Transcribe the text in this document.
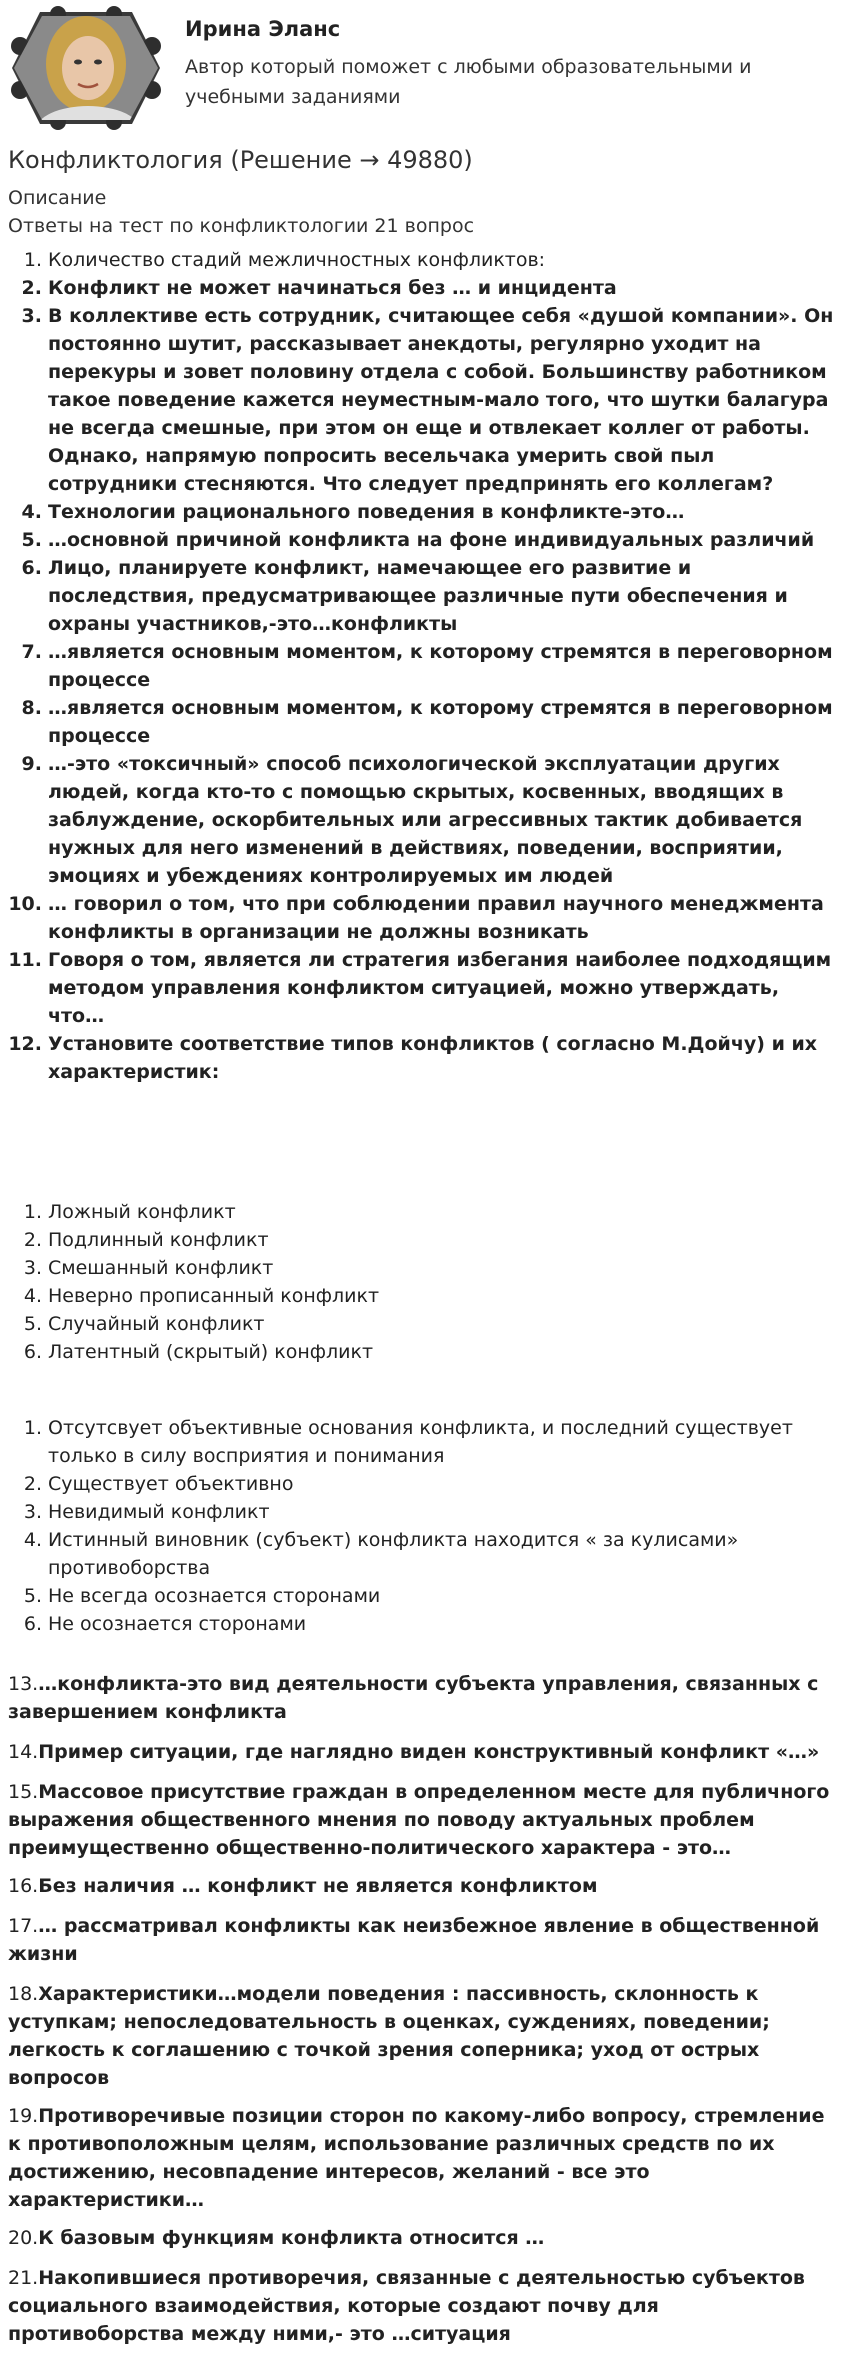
Ирина Эланс
Автор который поможет с любыми образовательными и учебными заданиями
Конфликтология (Решение → 49880)
Описание
Ответы на тест по конфликтологии 21 вопрос
1. Количество стадий межличностных конфликтов:
2. Конфликт не может начинаться без … и инцидента
3. В коллективе есть сотрудник, считающее себя «душой компании». Он постоянно шутит, рассказывает анекдоты, регулярно уходит на перекуры и зовет половину отдела с собой. Большинству работником такое поведение кажется неуместным-мало того, что шутки балагура не всегда смешные, при этом он еще и отвлекает коллег от работы. Однако, напрямую попросить весельчака умерить свой пыл сотрудники стесняются. Что следует предпринять его коллегам?
4. Технологии рационального поведения в конфликте-это…
5. …основной причиной конфликта на фоне индивидуальных различий
6. Лицо, планируете конфликт, намечающее его развитие и последствия, предусматривающее различные пути обеспечения и охраны участников,-это…конфликты
7. …является основным моментом, к которому стремятся в переговорном процессе
8. …является основным моментом, к которому стремятся в переговорном процессе
9. …-это «токсичный» способ психологической эксплуатации других людей, когда кто-то с помощью скрытых, косвенных, вводящих в заблуждение, оскорбительных или агрессивных тактик добивается нужных для него изменений в действиях, поведении, восприятии, эмоциях и убеждениях контролируемых им людей
10. … говорил о том, что при соблюдении правил научного менеджмента конфликты в организации не должны возникать
11. Говоря о том, является ли стратегия избегания наиболее подходящим методом управления конфликтом ситуацией, можно утверждать, что…
12. Установите соответствие типов конфликтов ( согласно М.Дойчу) и их характеристик:
1. Ложный конфликт
2. Подлинный конфликт
3. Смешанный конфликт
4. Неверно прописанный конфликт
5. Случайный конфликт
6. Латентный (скрытый) конфликт
1. Отсутсвует объективные основания конфликта, и последний существует только в силу восприятия и понимания
2. Существует объективно
3. Невидимый конфликт
4. Истинный виновник (субъект) конфликта находится « за кулисами» противоборства
5. Не всегда осознается сторонами
6. Не осознается сторонами
13.…конфликта-это вид деятельности субъекта управления, связанных с завершением конфликта
14.Пример ситуации, где наглядно виден конструктивный конфликт «…»
15.Массовое присутствие граждан в определенном месте для публичного выражения общественного мнения по поводу актуальных проблем преимущественно общественно-политического характера - это…
16.Без наличия … конфликт не является конфликтом
17.… рассматривал конфликты как неизбежное явление в общественной жизни
18.Характеристики…модели поведения : пассивность, склонность к уступкам; непоследовательность в оценках, суждениях, поведении; легкость к соглашению с точкой зрения соперника; уход от острых вопросов
19.Противоречивые позиции сторон по какому-либо вопросу, стремление к противоположным целям, использование различных средств по их достижению, несовпадение интересов, желаний - все это характеристики…
20.К базовым функциям конфликта относится …
21.Накопившиеся противоречия, связанные с деятельностью субъектов социального взаимодействия, которые создают почву для противоборства между ними,- это …ситуация
